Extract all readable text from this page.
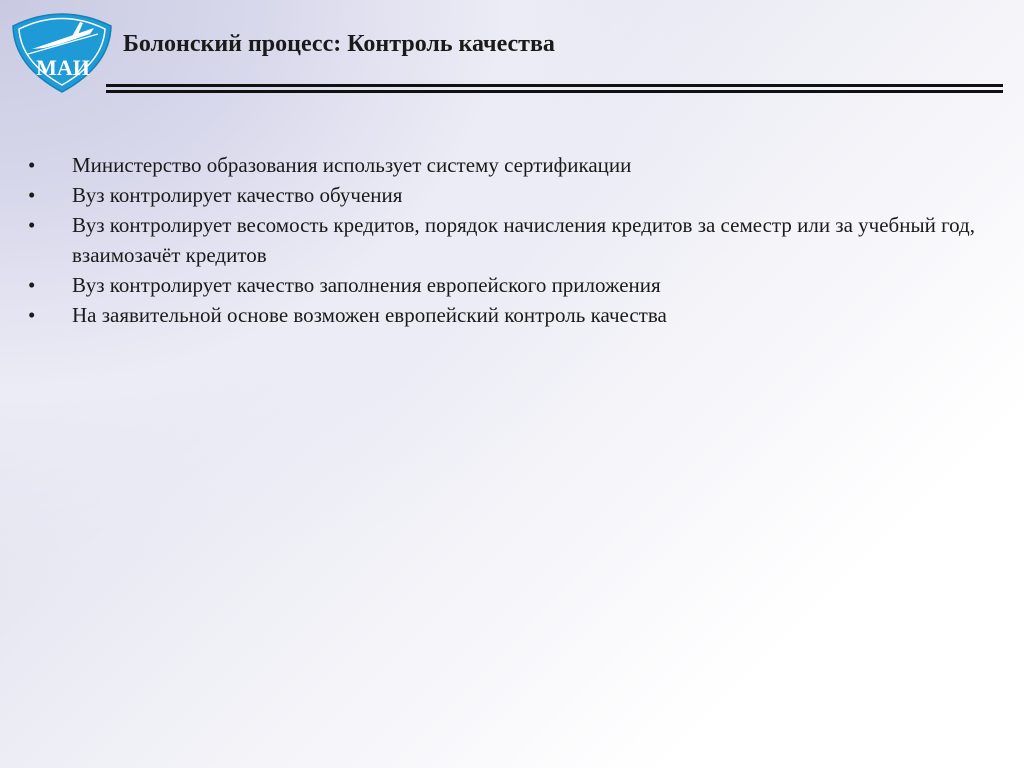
МАИ
Болонский процесс: Контроль качества
•	Министерство образования использует систему сертификации
•	Вуз контролирует качество обучения
•	Вуз контролирует весомость кредитов, порядок начисления кредитов за семестр или за учебный год, взаимозачёт кредитов
•	Вуз контролирует качество заполнения европейского приложения
•	На заявительной основе возможен европейский контроль качества
